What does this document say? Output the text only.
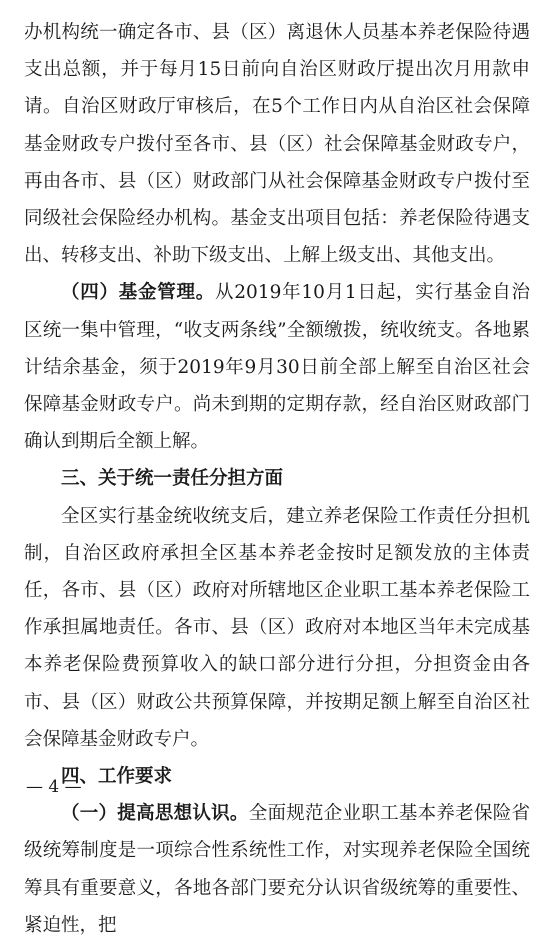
办机构统一确定各市、县（区）离退休人员基本养老保险待遇支出总额，并于每月15日前向自治区财政厅提出次月用款申请。自治区财政厅审核后，在5个工作日内从自治区社会保障基金财政专户拨付至各市、县（区）社会保障基金财政专户，再由各市、县（区）财政部门从社会保障基金财政专户拨付至同级社会保险经办机构。基金支出项目包括：养老保险待遇支出、转移支出、补助下级支出、上解上级支出、其他支出。

（四）基金管理。从2019年10月1日起，实行基金自治区统一集中管理，“收支两条线”全额缴拨，统收统支。各地累计结余基金，须于2019年9月30日前全部上解至自治区社会保障基金财政专户。尚未到期的定期存款，经自治区财政部门确认到期后全额上解。

三、关于统一责任分担方面

全区实行基金统收统支后，建立养老保险工作责任分担机制，自治区政府承担全区基本养老金按时足额发放的主体责任，各市、县（区）政府对所辖地区企业职工基本养老保险工作承担属地责任。各市、县（区）政府对本地区当年未完成基本养老保险费预算收入的缺口部分进行分担，分担资金由各市、县（区）财政公共预算保障，并按期足额上解至自治区社会保障基金财政专户。

四、工作要求

（一）提高思想认识。全面规范企业职工基本养老保险省级统筹制度是一项综合性系统性工作，对实现养老保险全国统筹具有重要意义，各地各部门要充分认识省级统筹的重要性、紧迫性，把

— 4 —
